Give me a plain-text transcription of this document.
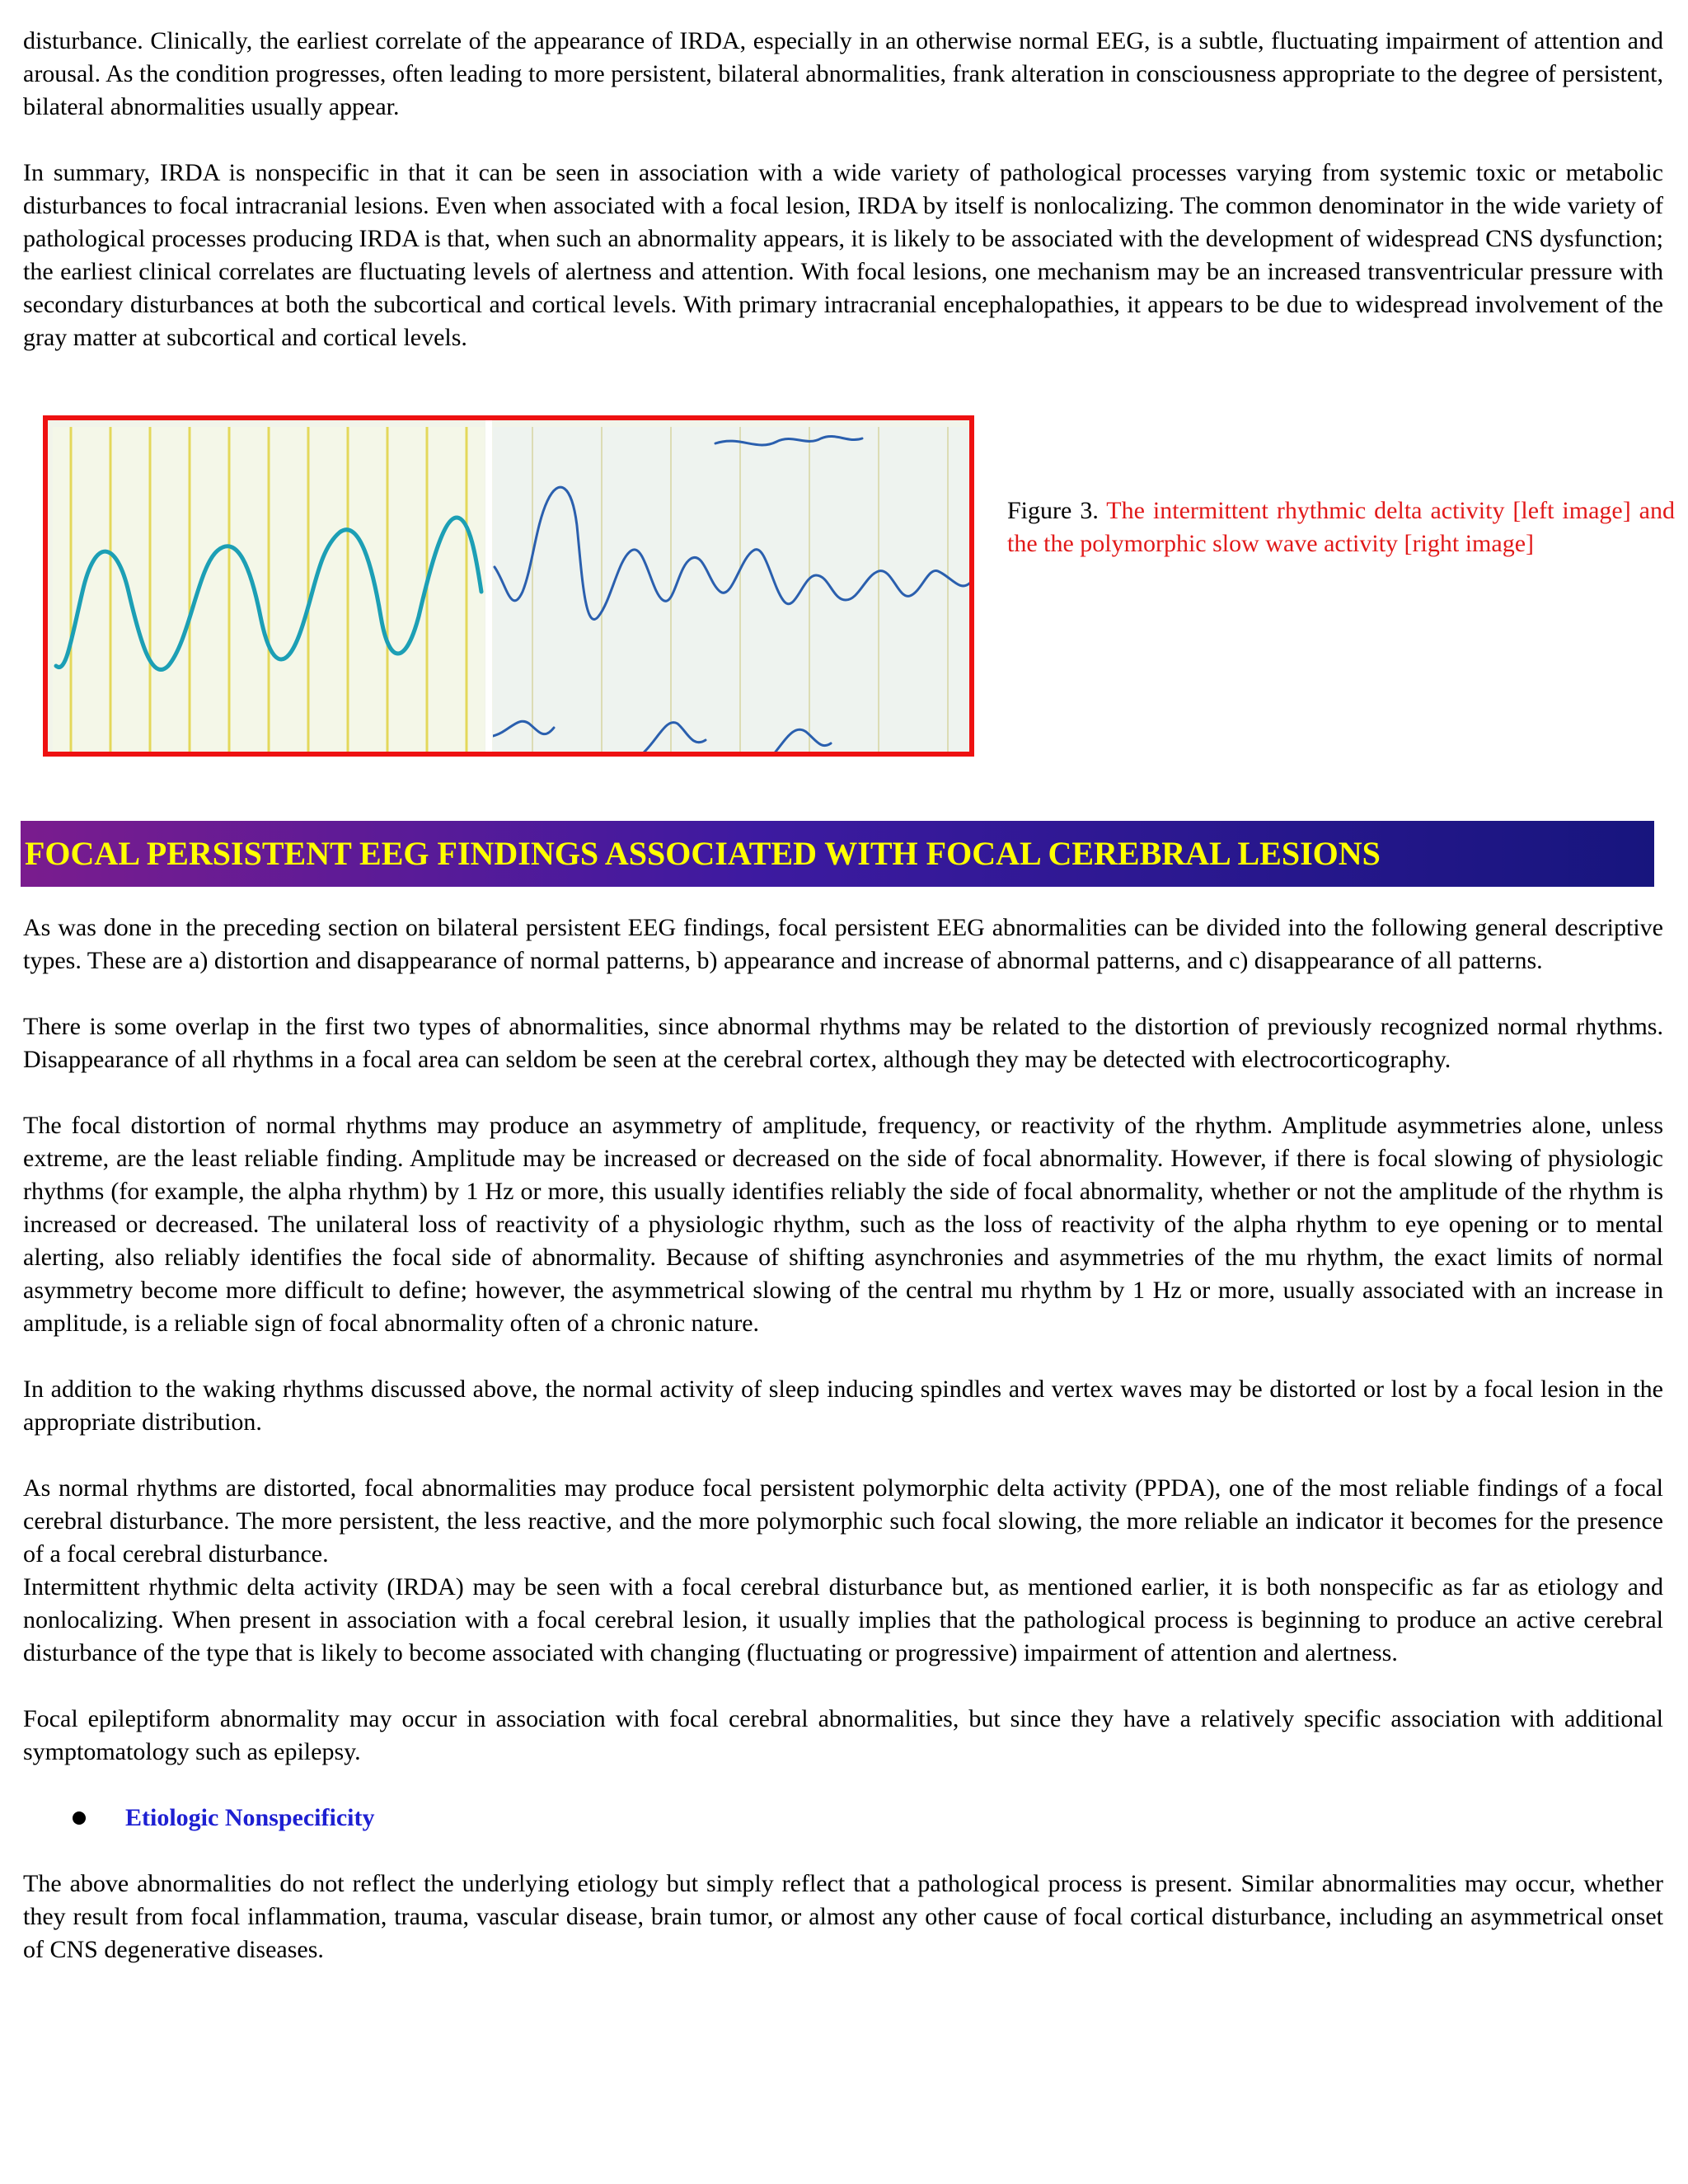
disturbance. Clinically, the earliest correlate of the appearance of IRDA, especially in an otherwise normal EEG, is a subtle, fluctuating impairment of attention and arousal. As the condition progresses, often leading to more persistent, bilateral abnormalities, frank alteration in consciousness appropriate to the degree of persistent, bilateral abnormalities usually appear.

In summary, IRDA is nonspecific in that it can be seen in association with a wide variety of pathological processes varying from systemic toxic or metabolic disturbances to focal intracranial lesions. Even when associated with a focal lesion, IRDA by itself is nonlocalizing. The common denominator in the wide variety of pathological processes producing IRDA is that, when such an abnormality appears, it is likely to be associated with the development of widespread CNS dysfunction; the earliest clinical correlates are fluctuating levels of alertness and attention. With focal lesions, one mechanism may be an increased transventricular pressure with secondary disturbances at both the subcortical and cortical levels. With primary intracranial encephalopathies, it appears to be due to widespread involvement of the gray matter at subcortical and cortical levels.

Figure 3. The intermittent rhythmic delta activity [left image] and the the polymorphic slow wave activity [right image]
FOCAL PERSISTENT EEG FINDINGS ASSOCIATED WITH FOCAL CEREBRAL LESIONS

As was done in the preceding section on bilateral persistent EEG findings, focal persistent EEG abnormalities can be divided into the following general descriptive types. These are a) distortion and disappearance of normal patterns, b) appearance and increase of abnormal patterns, and c) disappearance of all patterns.

There is some overlap in the first two types of abnormalities, since abnormal rhythms may be related to the distortion of previously recognized normal rhythms. Disappearance of all rhythms in a focal area can seldom be seen at the cerebral cortex, although they may be detected with electrocorticography.

The focal distortion of normal rhythms may produce an asymmetry of amplitude, frequency, or reactivity of the rhythm. Amplitude asymmetries alone, unless extreme, are the least reliable finding. Amplitude may be increased or decreased on the side of focal abnormality. However, if there is focal slowing of physiologic rhythms (for example, the alpha rhythm) by 1 Hz or more, this usually identifies reliably the side of focal abnormality, whether or not the amplitude of the rhythm is increased or decreased. The unilateral loss of reactivity of a physiologic rhythm, such as the loss of reactivity of the alpha rhythm to eye opening or to mental alerting, also reliably identifies the focal side of abnormality. Because of shifting asynchronies and asymmetries of the mu rhythm, the exact limits of normal asymmetry become more difficult to define; however, the asymmetrical slowing of the central mu rhythm by 1 Hz or more, usually associated with an increase in amplitude, is a reliable sign of focal abnormality often of a chronic nature.

In addition to the waking rhythms discussed above, the normal activity of sleep inducing spindles and vertex waves may be distorted or lost by a focal lesion in the appropriate distribution.

As normal rhythms are distorted, focal abnormalities may produce focal persistent polymorphic delta activity (PPDA), one of the most reliable findings of a focal cerebral disturbance. The more persistent, the less reactive, and the more polymorphic such focal slowing, the more reliable an indicator it becomes for the presence of a focal cerebral disturbance.

Intermittent rhythmic delta activity (IRDA) may be seen with a focal cerebral disturbance but, as mentioned earlier, it is both nonspecific as far as etiology and nonlocalizing. When present in association with a focal cerebral lesion, it usually implies that the pathological process is beginning to produce an active cerebral disturbance of the type that is likely to become associated with changing (fluctuating or progressive) impairment of attention and alertness.

Focal epileptiform abnormality may occur in association with focal cerebral abnormalities, but since they have a relatively specific association with additional symptomatology such as epilepsy.

Etiologic Nonspecificity

The above abnormalities do not reflect the underlying etiology but simply reflect that a pathological process is present. Similar abnormalities may occur, whether they result from focal inflammation, trauma, vascular disease, brain tumor, or almost any other cause of focal cortical disturbance, including an asymmetrical onset of CNS degenerative diseases.
